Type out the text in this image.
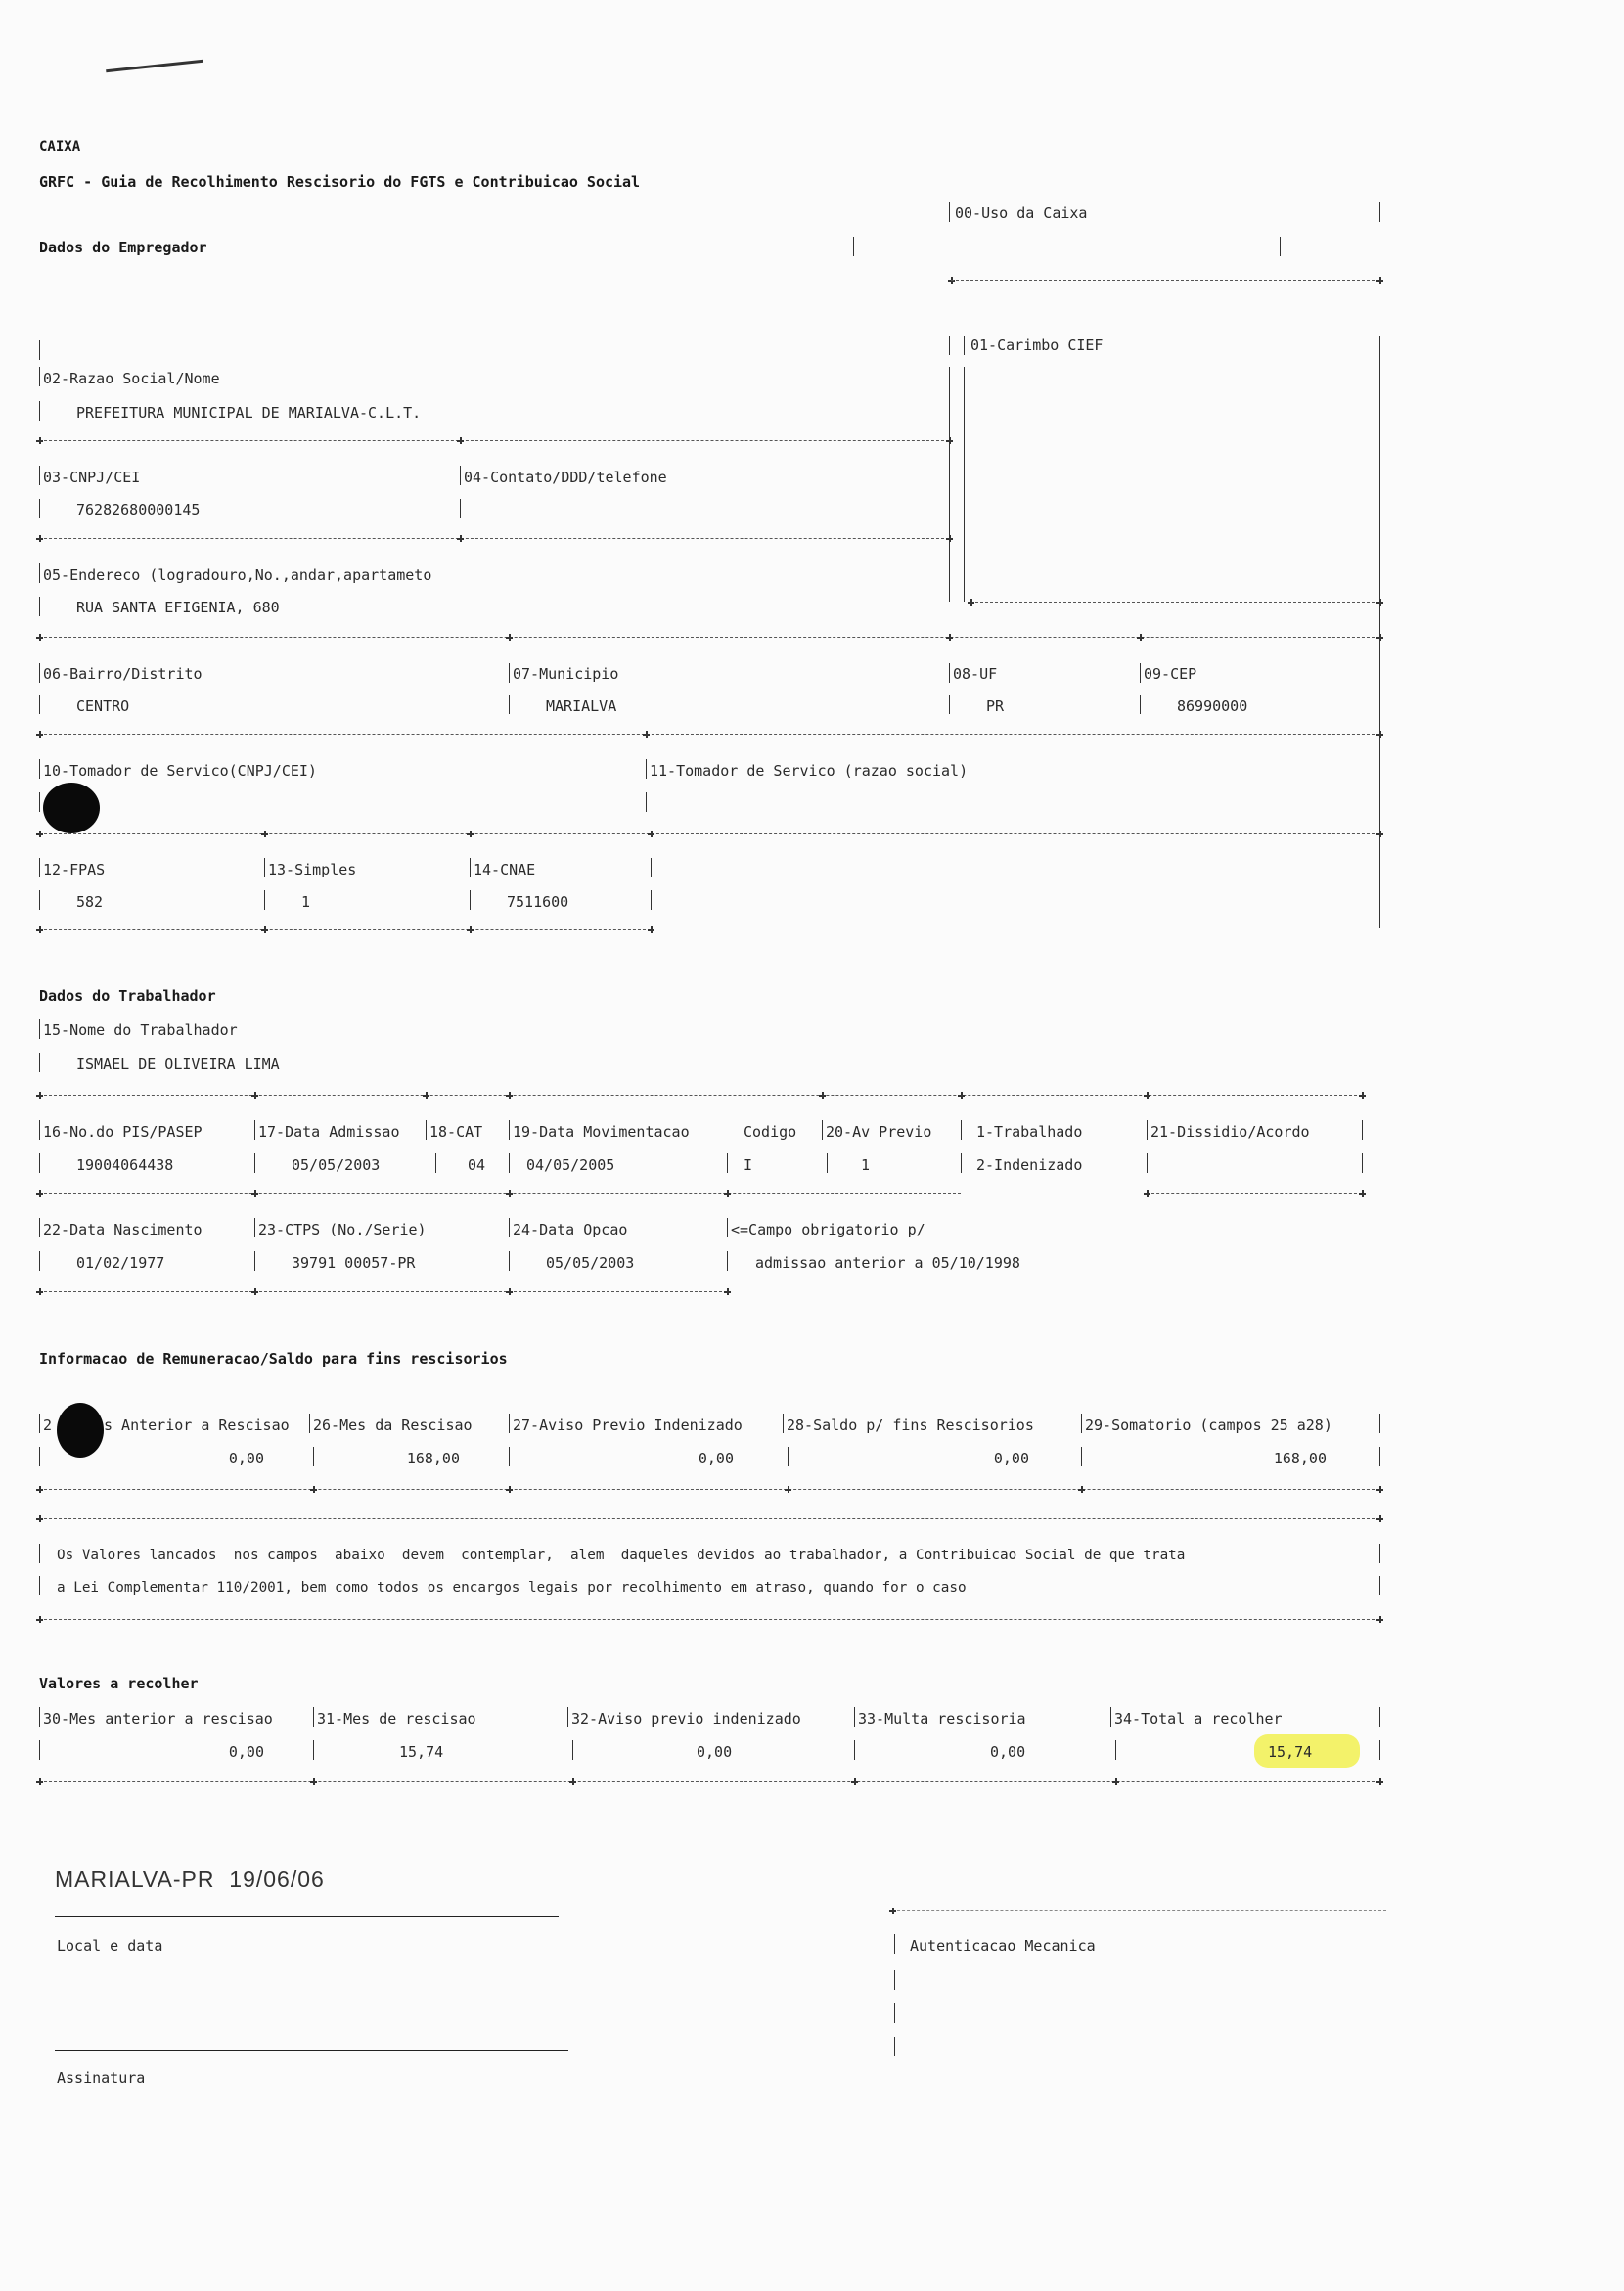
CAIXA
GRFC - Guia de Recolhimento Rescisorio do FGTS e Contribuicao Social
Dados do Empregador
00-Uso da Caixa
01-Carimbo CIEF
02-Razao Social/Nome
PREFEITURA MUNICIPAL DE MARIALVA-C.L.T.
03-CNPJ/CEI	04-Contato/DDD/telefone
76282680000145
05-Endereco (logradouro,No.,andar,apartameto
RUA SANTA EFIGENIA, 680
06-Bairro/Distrito	07-Municipio	08-UF	09-CEP
CENTRO	MARIALVA	PR	86990000
10-Tomador de Servico(CNPJ/CEI)	11-Tomador de Servico (razao social)
12-FPAS	13-Simples	14-CNAE
582	1	7511600
Dados do Trabalhador
15-Nome do Trabalhador
ISMAEL DE OLIVEIRA LIMA
16-No.do PIS/PASEP	17-Data Admissao 18-CAT 19-Data Movimentacao	Codigo 20-Av Previo	1-Trabalhado	21-Dissidio/Acordo
19004064438	05/05/2003	04	04/05/2005	I	1	2-Indenizado
22-Data Nascimento	23-CTPS (No./Serie)	24-Data Opcao	<=Campo obrigatorio p/
01/02/1977	39791 00057-PR	05/05/2003	admissao anterior a 05/10/1998
Informacao de Remuneracao/Saldo para fins rescisorios
2	s Anterior a Rescisao 26-Mes da Rescisao	27-Aviso Previo Indenizado	28-Saldo p/ fins Rescisorios	29-Somatorio (campos 25 a28)
0,00	168,00	0,00	0,00	168,00
Os Valores lancados  nos campos  abaixo  devem  contemplar,  alem  daqueles devidos ao trabalhador, a Contribuicao Social de que trata
a Lei Complementar 110/2001, bem como todos os encargos legais por recolhimento em atraso, quando for o caso
Valores a recolher
30-Mes anterior a rescisao	31-Mes de rescisao	32-Aviso previo indenizado	33-Multa rescisoria	34-Total a recolher
0,00	15,74	0,00	0,00	15,74
MARIALVA-PR  19/06/06
Local e data	Autenticacao Mecanica
Assinatura
